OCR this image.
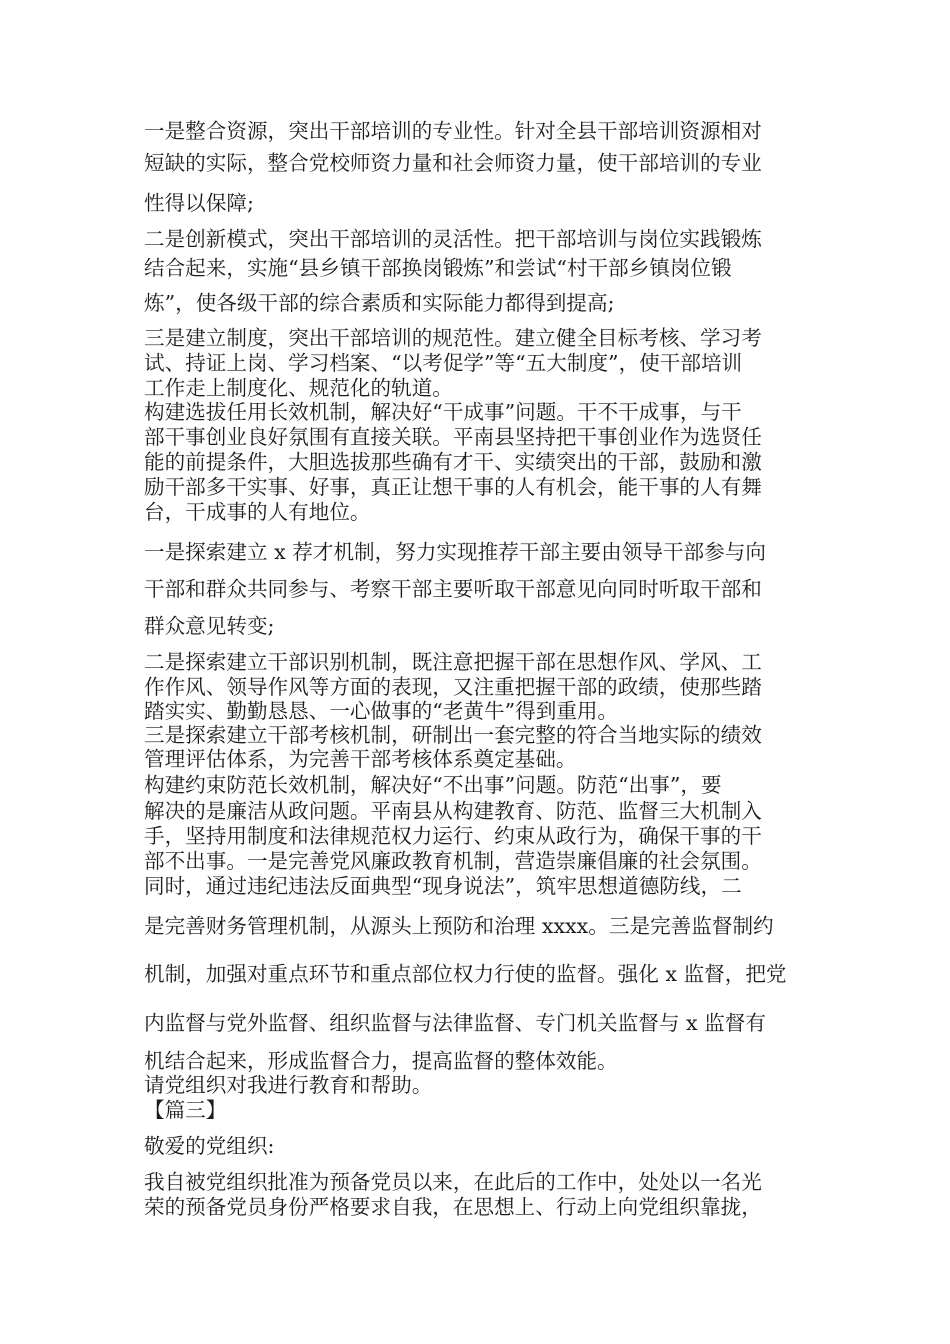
一是整合资源，突出干部培训的专业性。针对全县干部培训资源相对

短缺的实际，整合党校师资力量和社会师资力量，使干部培训的专业

性得以保障;

二是创新模式，突出干部培训的灵活性。把干部培训与岗位实践锻炼

结合起来，实施“县乡镇干部换岗锻炼”和尝试“村干部乡镇岗位锻

炼”，使各级干部的综合素质和实际能力都得到提高;

三是建立制度，突出干部培训的规范性。建立健全目标考核、学习考

试、持证上岗、学习档案、“以考促学”等“五大制度”，使干部培训

工作走上制度化、规范化的轨道。

构建选拔任用长效机制，解决好“干成事”问题。干不干成事，与干

部干事创业良好氛围有直接关联。平南县坚持把干事创业作为选贤任

能的前提条件，大胆选拔那些确有才干、实绩突出的干部，鼓励和激

励干部多干实事、好事，真正让想干事的人有机会，能干事的人有舞

台，干成事的人有地位。

一是探索建立 x 荐才机制，努力实现推荐干部主要由领导干部参与向

干部和群众共同参与、考察干部主要听取干部意见向同时听取干部和

群众意见转变;

二是探索建立干部识别机制，既注意把握干部在思想作风、学风、工

作作风、领导作风等方面的表现，又注重把握干部的政绩，使那些踏

踏实实、勤勤恳恳、一心做事的“老黄牛”得到重用。

三是探索建立干部考核机制，研制出一套完整的符合当地实际的绩效

管理评估体系，为完善干部考核体系奠定基础。

构建约束防范长效机制，解决好“不出事”问题。防范“出事”，要

解决的是廉洁从政问题。平南县从构建教育、防范、监督三大机制入

手，坚持用制度和法律规范权力运行、约束从政行为，确保干事的干

部不出事。一是完善党风廉政教育机制，营造崇廉倡廉的社会氛围。

同时，通过违纪违法反面典型“现身说法”，筑牢思想道德防线，二

是完善财务管理机制，从源头上预防和治理 xxxx。三是完善监督制约

机制，加强对重点环节和重点部位权力行使的监督。强化 x 监督，把党

内监督与党外监督、组织监督与法律监督、专门机关监督与 x 监督有

机结合起来，形成监督合力，提高监督的整体效能。

请党组织对我进行教育和帮助。

【篇三】

敬爱的党组织:

我自被党组织批准为预备党员以来，在此后的工作中，处处以一名光

荣的预备党员身份严格要求自我，在思想上、行动上向党组织靠拢，
